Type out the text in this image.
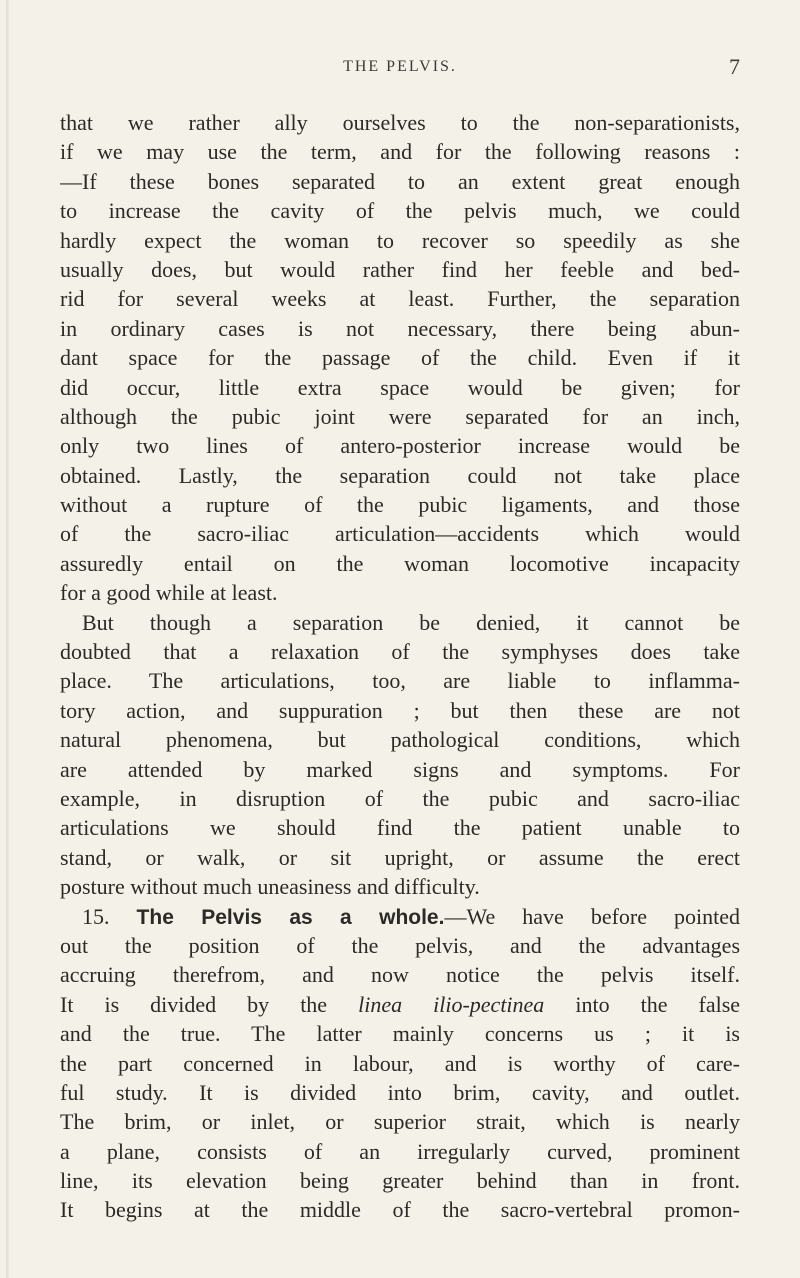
THE PELVIS.	7
that we rather ally ourselves to the non-separationists,
if we may use the term, and for the following reasons :
—If these bones separated to an extent great enough
to increase the cavity of the pelvis much, we could
hardly expect the woman to recover so speedily as she
usually does, but would rather find her feeble and bed-
rid for several weeks at least. Further, the separation
in ordinary cases is not necessary, there being abun-
dant space for the passage of the child. Even if it
did occur, little extra space would be given; for
although the pubic joint were separated for an inch,
only two lines of antero-posterior increase would be
obtained. Lastly, the separation could not take place
without a rupture of the pubic ligaments, and those
of the sacro-iliac articulation—accidents which would
assuredly entail on the woman locomotive incapacity
for a good while at least.
But though a separation be denied, it cannot be
doubted that a relaxation of the symphyses does take
place. The articulations, too, are liable to inflamma-
tory action, and suppuration ; but then these are not
natural phenomena, but pathological conditions, which
are attended by marked signs and symptoms. For
example, in disruption of the pubic and sacro-iliac
articulations we should find the patient unable to
stand, or walk, or sit upright, or assume the erect
posture without much uneasiness and difficulty.
15. The Pelvis as a whole.—We have before pointed
out the position of the pelvis, and the advantages
accruing therefrom, and now notice the pelvis itself.
It is divided by the linea ilio-pectinea into the false
and the true. The latter mainly concerns us ; it is
the part concerned in labour, and is worthy of care-
ful study. It is divided into brim, cavity, and outlet.
The brim, or inlet, or superior strait, which is nearly
a plane, consists of an irregularly curved, prominent
line, its elevation being greater behind than in front.
It begins at the middle of the sacro-vertebral promon-
